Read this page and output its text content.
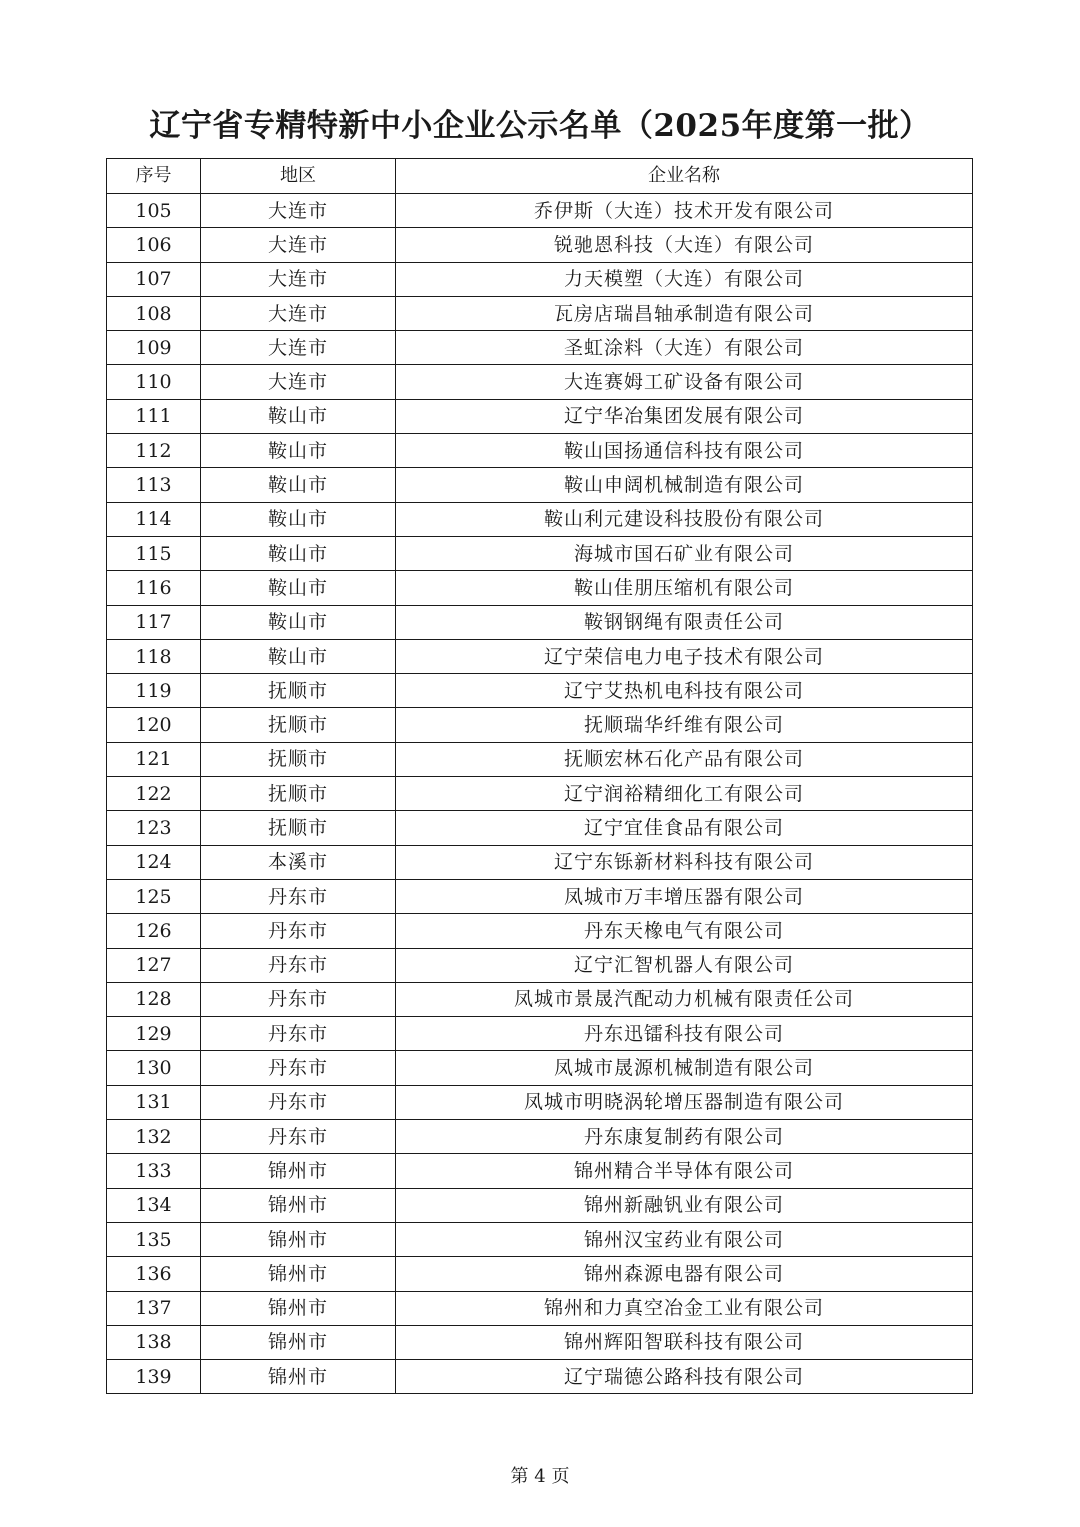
辽宁省专精特新中小企业公示名单（2025年度第一批）
序号	地区	企业名称
105	大连市	乔伊斯（大连）技术开发有限公司
106	大连市	锐驰恩科技（大连）有限公司
107	大连市	力天模塑（大连）有限公司
108	大连市	瓦房店瑞昌轴承制造有限公司
109	大连市	圣虹涂料（大连）有限公司
110	大连市	大连赛姆工矿设备有限公司
111	鞍山市	辽宁华冶集团发展有限公司
112	鞍山市	鞍山国扬通信科技有限公司
113	鞍山市	鞍山申阔机械制造有限公司
114	鞍山市	鞍山利元建设科技股份有限公司
115	鞍山市	海城市国石矿业有限公司
116	鞍山市	鞍山佳朋压缩机有限公司
117	鞍山市	鞍钢钢绳有限责任公司
118	鞍山市	辽宁荣信电力电子技术有限公司
119	抚顺市	辽宁艾热机电科技有限公司
120	抚顺市	抚顺瑞华纤维有限公司
121	抚顺市	抚顺宏林石化产品有限公司
122	抚顺市	辽宁润裕精细化工有限公司
123	抚顺市	辽宁宜佳食品有限公司
124	本溪市	辽宁东铄新材料科技有限公司
125	丹东市	凤城市万丰增压器有限公司
126	丹东市	丹东天橡电气有限公司
127	丹东市	辽宁汇智机器人有限公司
128	丹东市	凤城市景晟汽配动力机械有限责任公司
129	丹东市	丹东迅镭科技有限公司
130	丹东市	凤城市晟源机械制造有限公司
131	丹东市	凤城市明晓涡轮增压器制造有限公司
132	丹东市	丹东康复制药有限公司
133	锦州市	锦州精合半导体有限公司
134	锦州市	锦州新融钒业有限公司
135	锦州市	锦州汉宝药业有限公司
136	锦州市	锦州森源电器有限公司
137	锦州市	锦州和力真空冶金工业有限公司
138	锦州市	锦州辉阳智联科技有限公司
139	锦州市	辽宁瑞德公路科技有限公司
第 4 页
